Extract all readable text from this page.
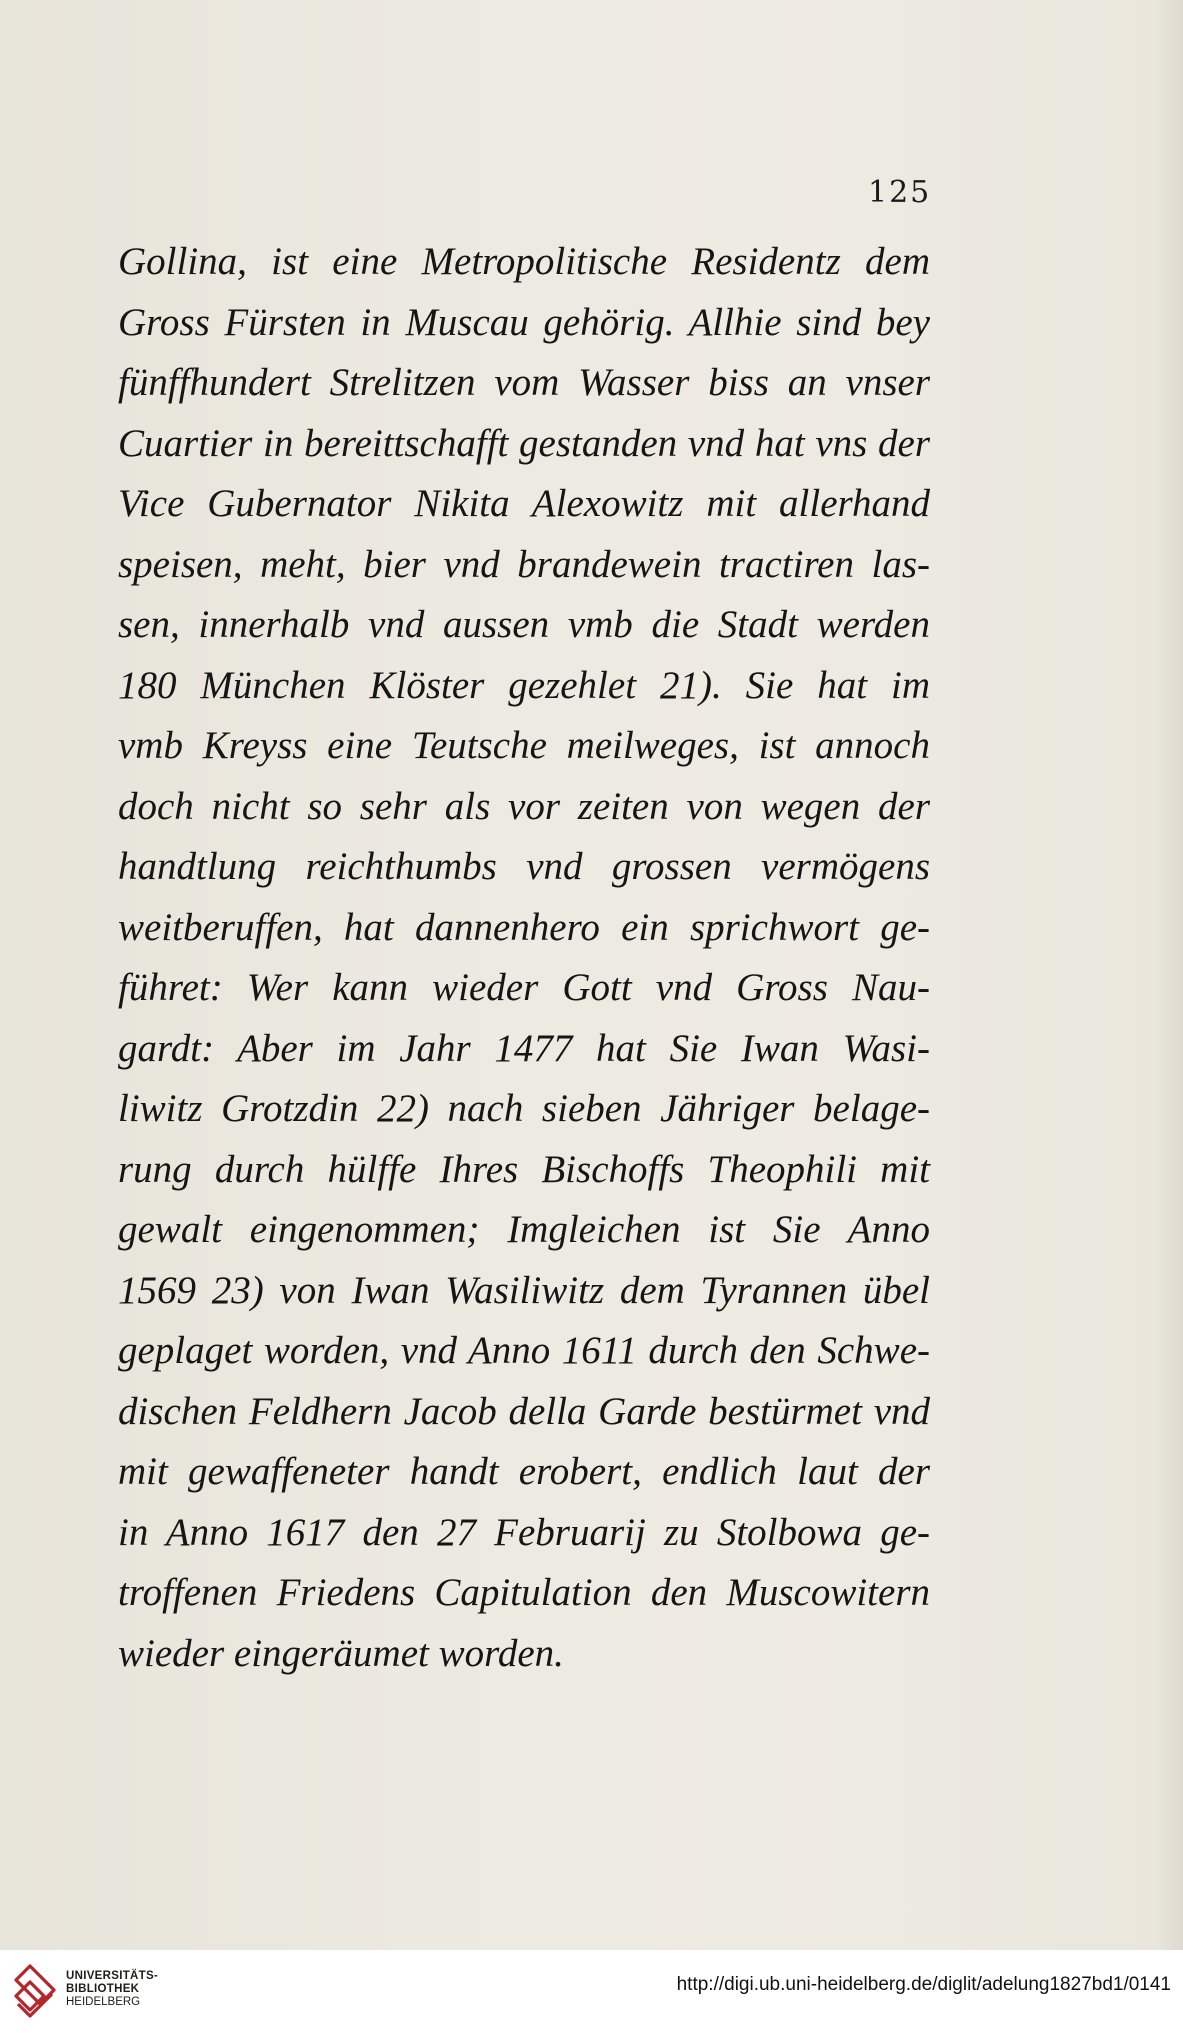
125
Gollina, ist eine Metropolitische Residentz dem
Gross Fürsten in Muscau gehörig. Allhie sind bey
fünffhundert Strelitzen vom Wasser biss an vnser
Cuartier in bereittschafft gestanden vnd hat vns der
Vice Gubernator Nikita Alexowitz mit allerhand
speisen, meht, bier vnd brandewein tractiren las-
sen, innerhalb vnd aussen vmb die Stadt werden
180 München Klöster gezehlet 21). Sie hat im
vmb Kreyss eine Teutsche meilweges, ist annoch
doch nicht so sehr als vor zeiten von wegen der
handtlung reichthumbs vnd grossen vermögens
weitberuffen, hat dannenhero ein sprichwort ge-
führet: Wer kann wieder Gott vnd Gross Nau-
gardt: Aber im Jahr 1477 hat Sie Iwan Wasi-
liwitz Grotzdin 22) nach sieben Jähriger belage-
rung durch hülffe Ihres Bischoffs Theophili mit
gewalt eingenommen; Imgleichen ist Sie Anno
1569 23) von Iwan Wasiliwitz dem Tyrannen übel
geplaget worden, vnd Anno 1611 durch den Schwe-
dischen Feldhern Jacob della Garde bestürmet vnd
mit gewaffeneter handt erobert, endlich laut der
in Anno 1617 den 27 Februarij zu Stolbowa ge-
troffenen Friedens Capitulation den Muscowitern
wieder eingeräumet worden.
UNIVERSITÄTS-
BIBLIOTHEK
HEIDELBERG
http://digi.ub.uni-heidelberg.de/diglit/adelung1827bd1/0141
